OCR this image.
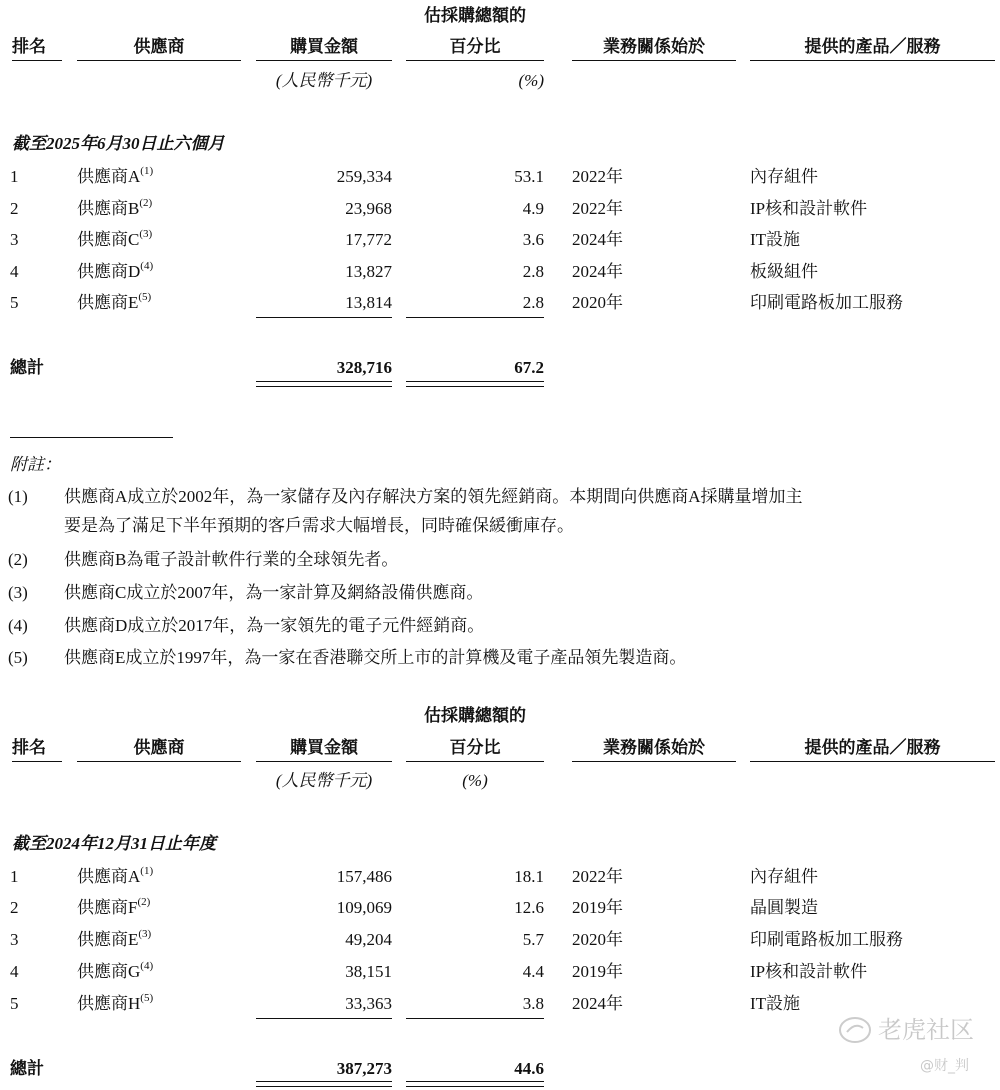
估採購總額的
排名	供應商	購買金額	百分比	業務關係始於	提供的產品／服務
(人民幣千元)	(%)
截至2025年6月30日止六個月
1	供應商$A^{(1)}$	259,334	53.1 2022年	內存組件
2	供應商$B^{(2)}$	23,968	4.9 2022年	IP核和設計軟件
3	供應商$C^{(3)}$	17,772	3.6 2024年	IT設施
4	供應商$D^{(4)}$	13,827	2.8 2024年	板級組件
5	供應商$E^{(5)}$	13,814	2.8 2020年	印刷電路板加工服務
總計	328,716	67.2
附註：
(1) 供應商A成立於2002年，為一家儲存及內存解決方案的領先經銷商。本期間向供應商A採購量增加主
要是為了滿足下半年預期的客戶需求大幅增長，同時確保緩衝庫存。
(2) 供應商B為電子設計軟件行業的全球領先者。
(3) 供應商C成立於2007年，為一家計算及網絡設備供應商。
(4) 供應商D成立於2017年，為一家領先的電子元件經銷商。
(5) 供應商E成立於1997年，為一家在香港聯交所上市的計算機及電子產品領先製造商。
估採購總額的
排名	供應商	購買金額	百分比	業務關係始於	提供的產品／服務
(人民幣千元)	(%)
截至2024年12月31日止年度
1	供應商$A^{(1)}$	157,486	18.1 2022年	內存組件
2	供應商$F^{(2)}$	109,069	12.6 2019年	晶圓製造
3	供應商$E^{(3)}$	49,204	5.7 2020年	印刷電路板加工服務
4	供應商$G^{(4)}$	38,151	4.4 2019年	IP核和設計軟件
5	供應商$H^{(5)}$	33,363	3.8 2024年	IT設施
總計	387,273	44.6
老虎社区
@财_判
